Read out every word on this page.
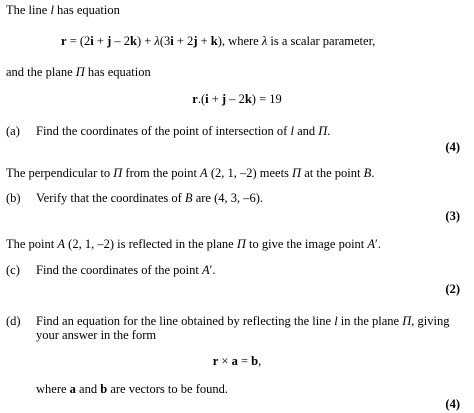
The line l has equation
r = (2i + j – 2k) + λ(3i + 2j + k), where λ is a scalar parameter,
and the plane Π has equation
r.(i + j – 2k) = 19
(a) Find the coordinates of the point of intersection of l and Π.
(4)
The perpendicular to Π from the point A (2, 1, –2) meets Π at the point B.
(b) Verify that the coordinates of B are (4, 3, –6).
(3)
The point A (2, 1, –2) is reflected in the plane Π to give the image point A′.
(c) Find the coordinates of the point A′.
(2)
(d) Find an equation for the line obtained by reflecting the line l in the plane Π, giving
your answer in the form
r × a = b,
where a and b are vectors to be found.
(4)
